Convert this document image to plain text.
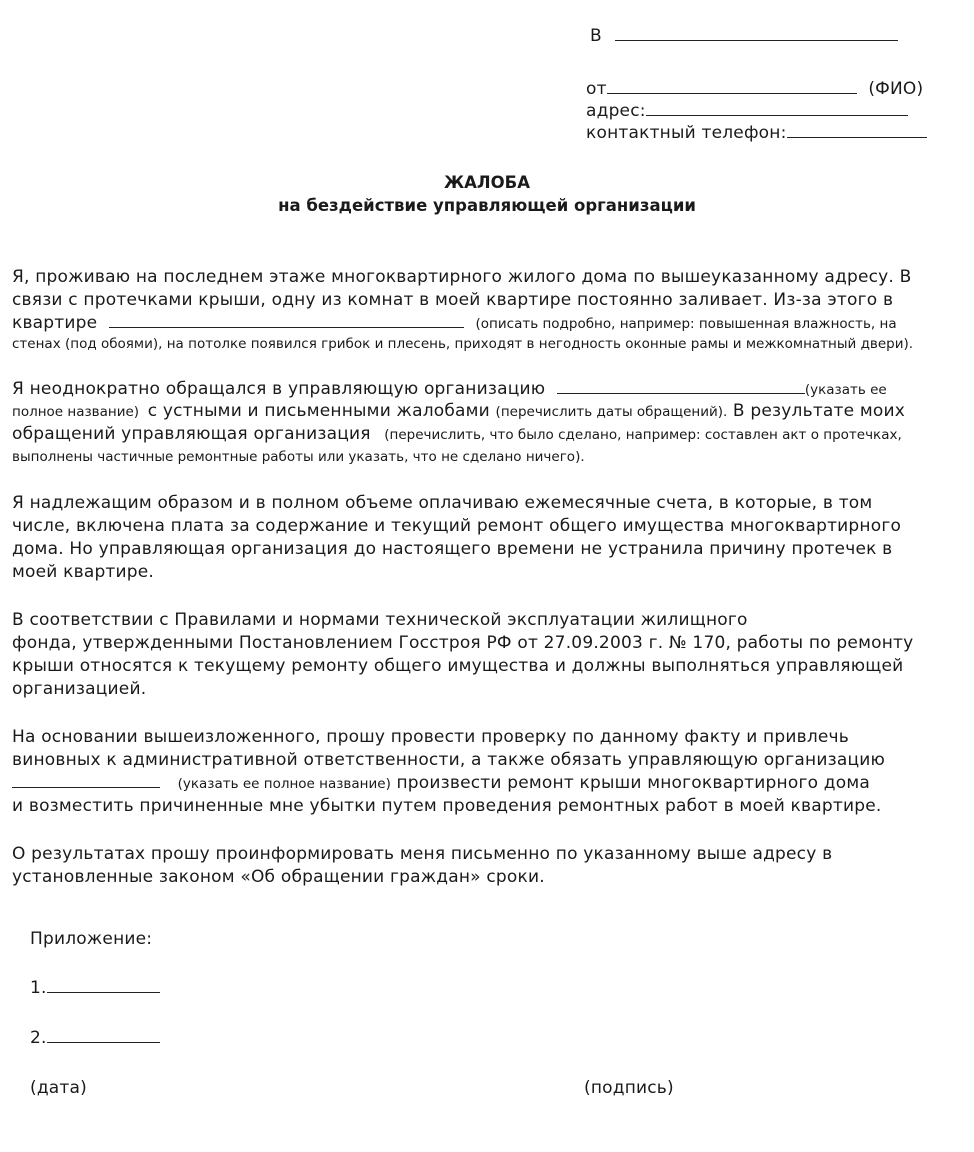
В
от	(ФИО)
адрес:
контактный телефон:
ЖАЛОБА
на бездействие управляющей организации
Я, проживаю на последнем этаже многоквартирного жилого дома по вышеуказанному адресу. В
связи с протечками крыши, одну из комнат в моей квартире постоянно заливает. Из-за этого в
квартире	(описать подробно, например: повышенная влажность, на
стенах (под обоями), на потолке появился грибок и плесень, приходят в негодность оконные рамы и межкомнатный двери).
Я неоднократно обращался в управляющую организацию	(указать ее
полное название) с устными и письменными жалобами (перечислить даты обращений). В результате моих
обращений управляющая организация (перечислить, что было сделано, например: составлен акт о протечках,
выполнены частичные ремонтные работы или указать, что не сделано ничего).
Я надлежащим образом и в полном объеме оплачиваю ежемесячные счета, в которые, в том
числе, включена плата за содержание и текущий ремонт общего имущества многоквартирного
дома. Но управляющая организация до настоящего времени не устранила причину протечек в
моей квартире.
В соответствии с Правилами и нормами технической эксплуатации жилищного
фонда, утвержденными Постановлением Госстроя РФ от 27.09.2003 г. № 170, работы по ремонту
крыши относятся к текущему ремонту общего имущества и должны выполняться управляющей
организацией.
На основании вышеизложенного, прошу провести проверку по данному факту и привлечь
виновных к административной ответственности, а также обязать управляющую организацию
(указать ее полное название) произвести ремонт крыши многоквартирного дома
и возместить причиненные мне убытки путем проведения ремонтных работ в моей квартире.
О результатах прошу проинформировать меня письменно по указанному выше адресу в
установленные законом «Об обращении граждан» сроки.
Приложение:
1.
2.
(дата)	(подпись)
